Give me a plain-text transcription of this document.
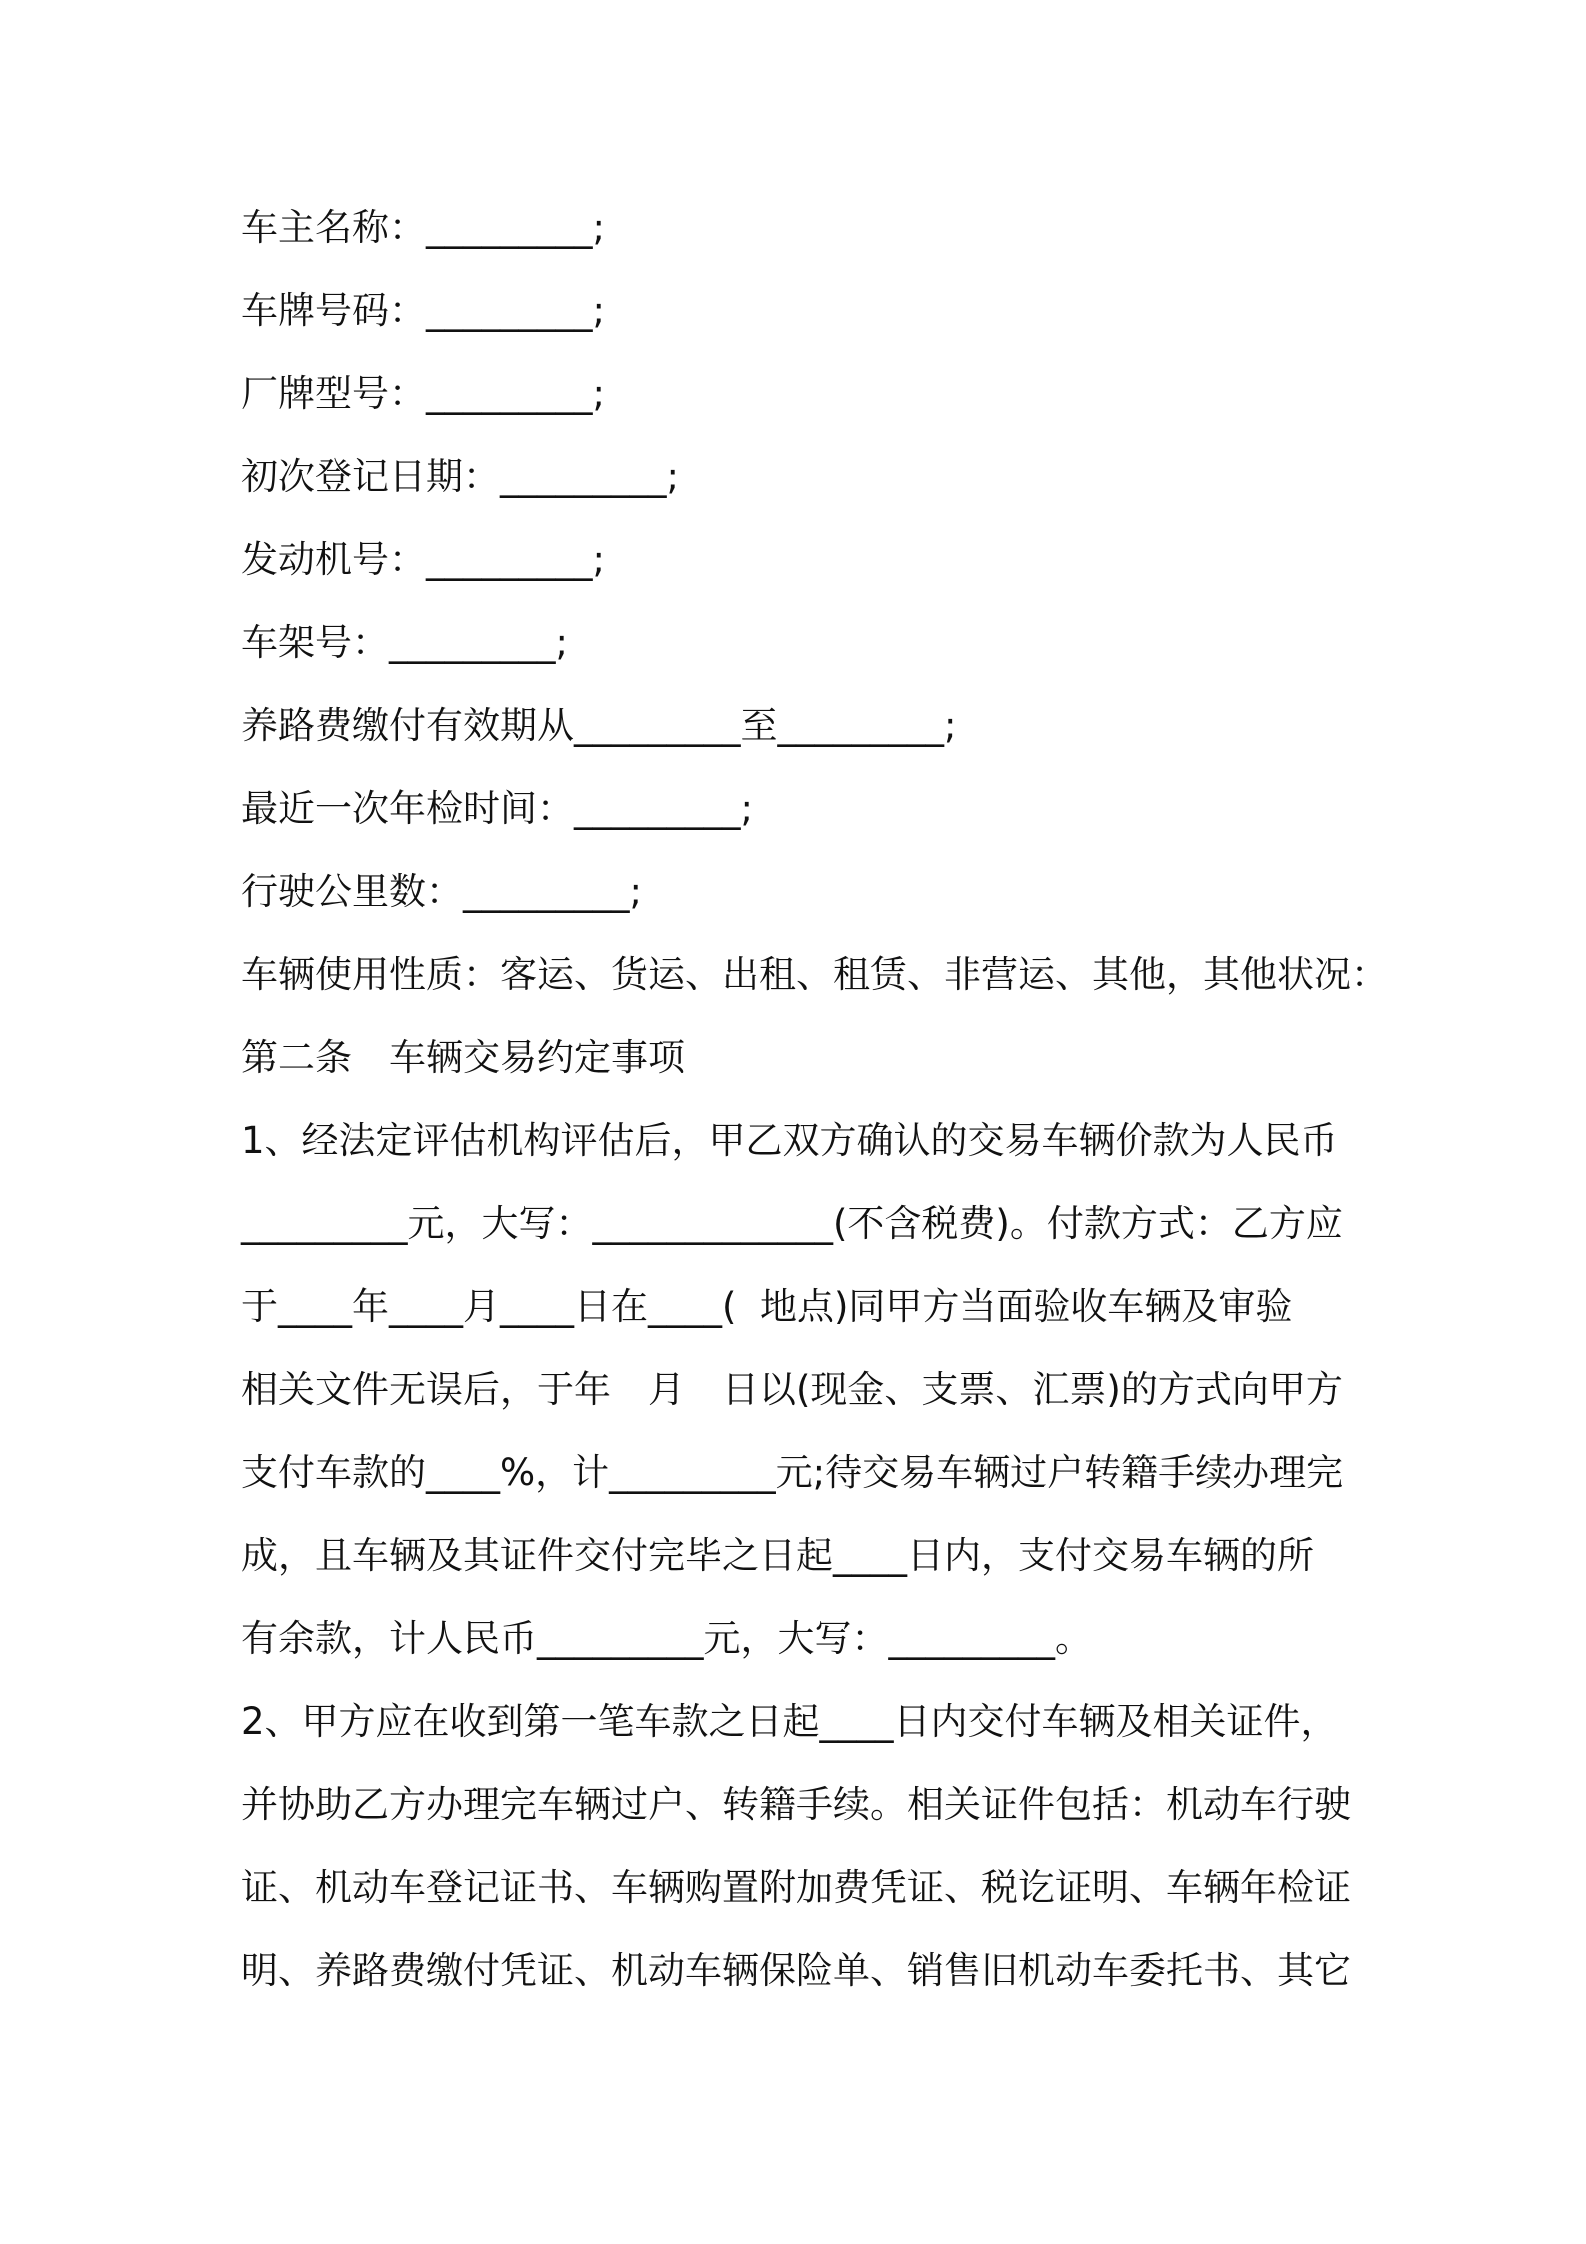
车主名称：_________;
车牌号码：_________;
厂牌型号：_________;
初次登记日期：_________;
发动机号：_________;
车架号：_________;
养路费缴付有效期从_________至_________;
最近一次年检时间：_________;
行驶公里数：_________;
车辆使用性质：客运、货运、出租、租赁、非营运、其他，其他状况：
第二条　车辆交易约定事项
1、经法定评估机构评估后，甲乙双方确认的交易车辆价款为人民币
_________元，大写：_____________(不含税费)。付款方式：乙方应
于____年____月____日在____(  地点)同甲方当面验收车辆及审验
相关文件无误后，于年　月　日以(现金、支票、汇票)的方式向甲方
支付车款的____%，计_________元;待交易车辆过户转籍手续办理完
成，且车辆及其证件交付完毕之日起____日内，支付交易车辆的所
有余款，计人民币_________元，大写：_________。
2、甲方应在收到第一笔车款之日起____日内交付车辆及相关证件，
并协助乙方办理完车辆过户、转籍手续。相关证件包括：机动车行驶
证、机动车登记证书、车辆购置附加费凭证、税讫证明、车辆年检证
明、养路费缴付凭证、机动车辆保险单、销售旧机动车委托书、其它
